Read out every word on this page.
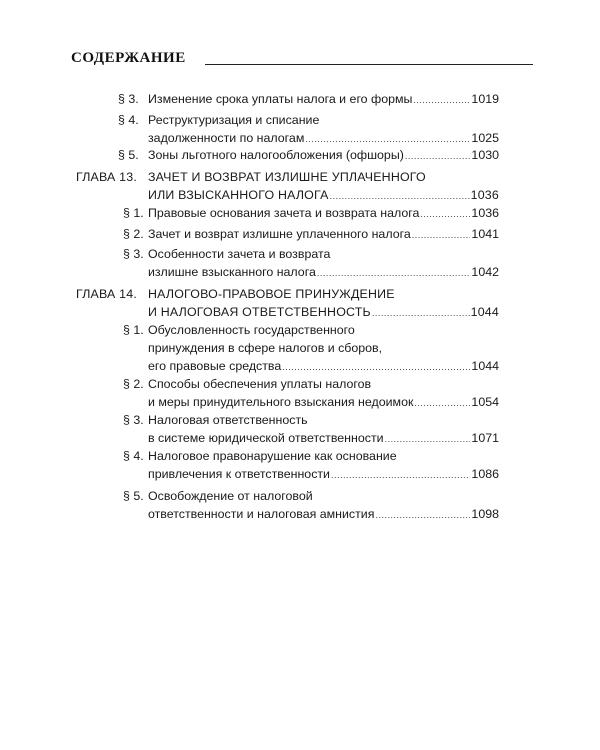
СОДЕРЖАНИЕ
§ 3. Изменение срока уплаты налога и его формы .....	1019
§ 4. Реструктуризация и списание
задолженности по налогам .....	1025
§ 5. Зоны льготного налогообложения (офшоры) .....	1030
ГЛАВА 13. ЗАЧЕТ И ВОЗВРАТ ИЗЛИШНЕ УПЛАЧЕННОГО
ИЛИ ВЗЫСКАННОГО НАЛОГА .....	1036
§ 1. Правовые основания зачета и возврата налога .....	1036
§ 2. Зачет и возврат излишне уплаченного налога .....	1041
§ 3. Особенности зачета и возврата
излишне взысканного налога .....	1042
ГЛАВА 14. НАЛОГОВО-ПРАВОВОЕ ПРИНУЖДЕНИЕ
И НАЛОГОВАЯ ОТВЕТСТВЕННОСТЬ .....	1044
§ 1. Обусловленность государственного
принуждения в сфере налогов и сборов,
его правовые средства .....	1044
§ 2. Способы обеспечения уплаты налогов
и меры принудительного взыскания недоимок .....	1054
§ 3. Налоговая ответственность
в системе юридической ответственности .....	1071
§ 4. Налоговое правонарушение как основание
привлечения к ответственности .....	1086
§ 5. Освобождение от налоговой
ответственности и налоговая амнистия .....	1098
